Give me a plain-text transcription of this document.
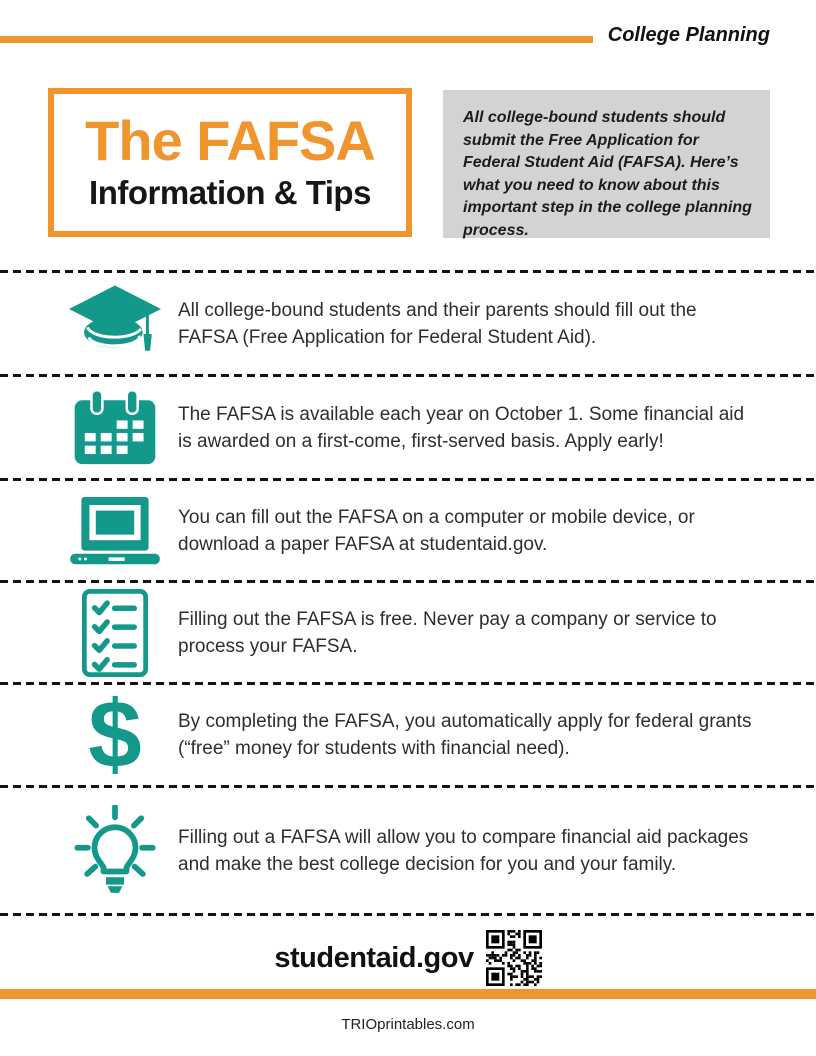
College Planning
The FAFSA
Information & Tips
All college-bound students should submit the Free Application for Federal Student Aid (FAFSA). Here’s what you need to know about this important step in the college planning process.
All college-bound students and their parents should fill out the FAFSA (Free Application for Federal Student Aid).
The FAFSA is available each year on October 1. Some financial aid is awarded on a first-come, first-served basis. Apply early!
You can fill out the FAFSA on a computer or mobile device, or download a paper FAFSA at studentaid.gov.
Filling out the FAFSA is free. Never pay a company or service to process your FAFSA.
$
By completing the FAFSA, you automatically apply for federal grants (“free” money for students with financial need).
Filling out a FAFSA will allow you to compare financial aid packages and make the best college decision for you and your family.
studentaid.gov
TRIOprintables.com
